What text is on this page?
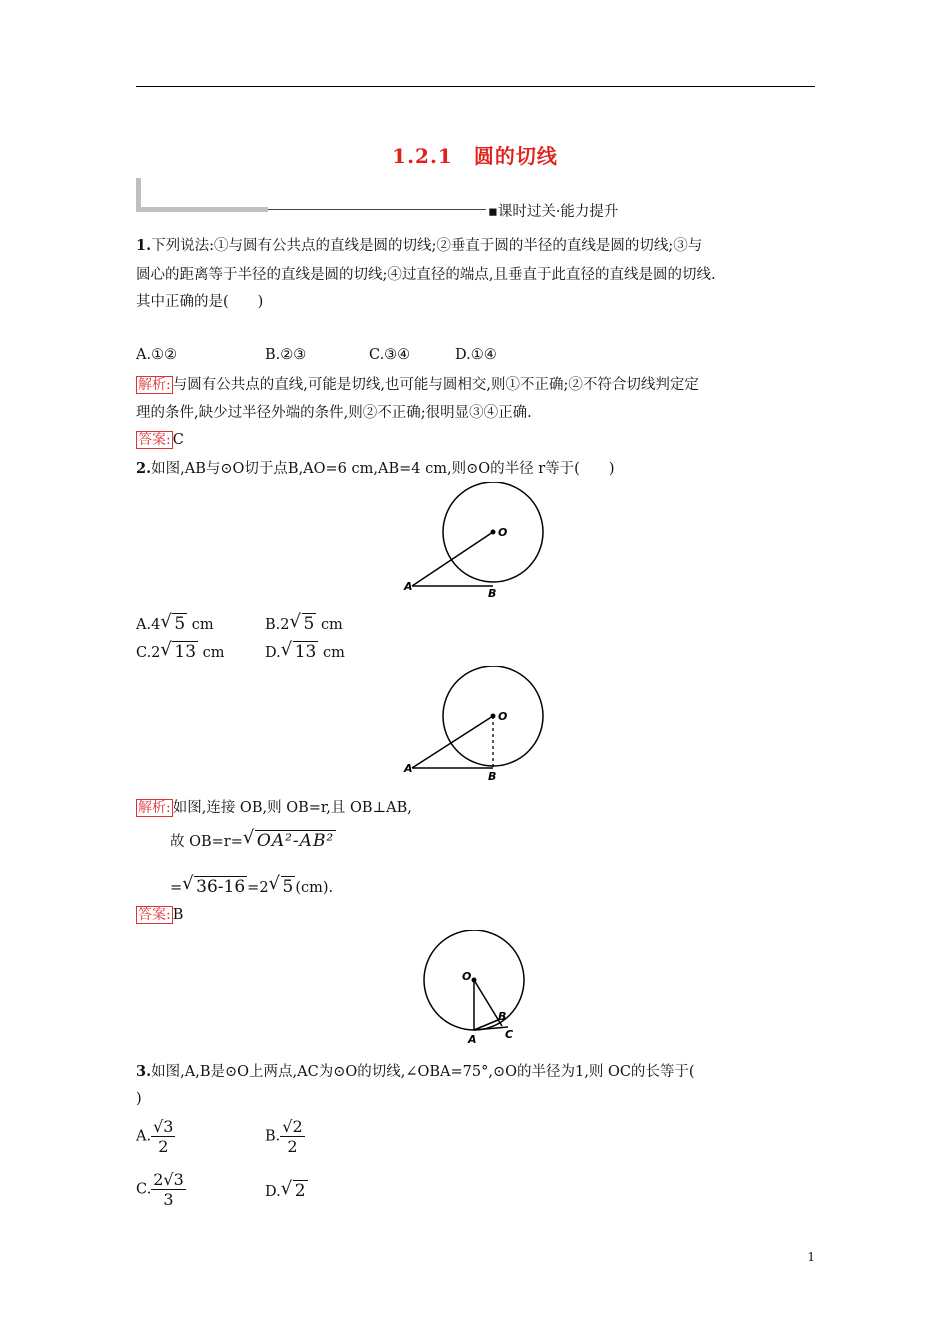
1.2.1　圆的切线
▪课时过关·能力提升
1.下列说法:①与圆有公共点的直线是圆的切线;②垂直于圆的半径的直线是圆的切线;③与
圆心的距离等于半径的直线是圆的切线;④过直径的端点,且垂直于此直径的直线是圆的切线.
其中正确的是(　　)
A.①②	B.②③	C.③④	D.①④
解析: 与圆有公共点的直线,可能是切线,也可能与圆相交,则①不正确;②不符合切线判定定
理的条件,缺少过半径外端的条件,则②不正确;很明显③④正确.
答案: C
2.如图,AB与⊙O切于点B,AO=6 cm,AB=4 cm,则⊙O的半径 r等于(　　)
O
A
B
A.4 √ 5 cm	B.2 √ 5 cm
C.2 √ 13 cm	D. √ 13 cm
O
A
B
解析: 如图,连接 OB,则 OB=r,且 OB⊥AB,
故 OB=r= √ OA²-AB²
= √ 36-16 =2 √ 5 (cm).
答案: B
O
A
B
C
3.如图,A,B是⊙O上两点,AC为⊙O的切线,∠OBA=75°,⊙O的半径为1,则 OC的长等于(
)
A. $\frac{√3}{2}$	B. $\frac{√2}{2}$
C. $\frac{2√3}{3}$	D. √ 2
1
